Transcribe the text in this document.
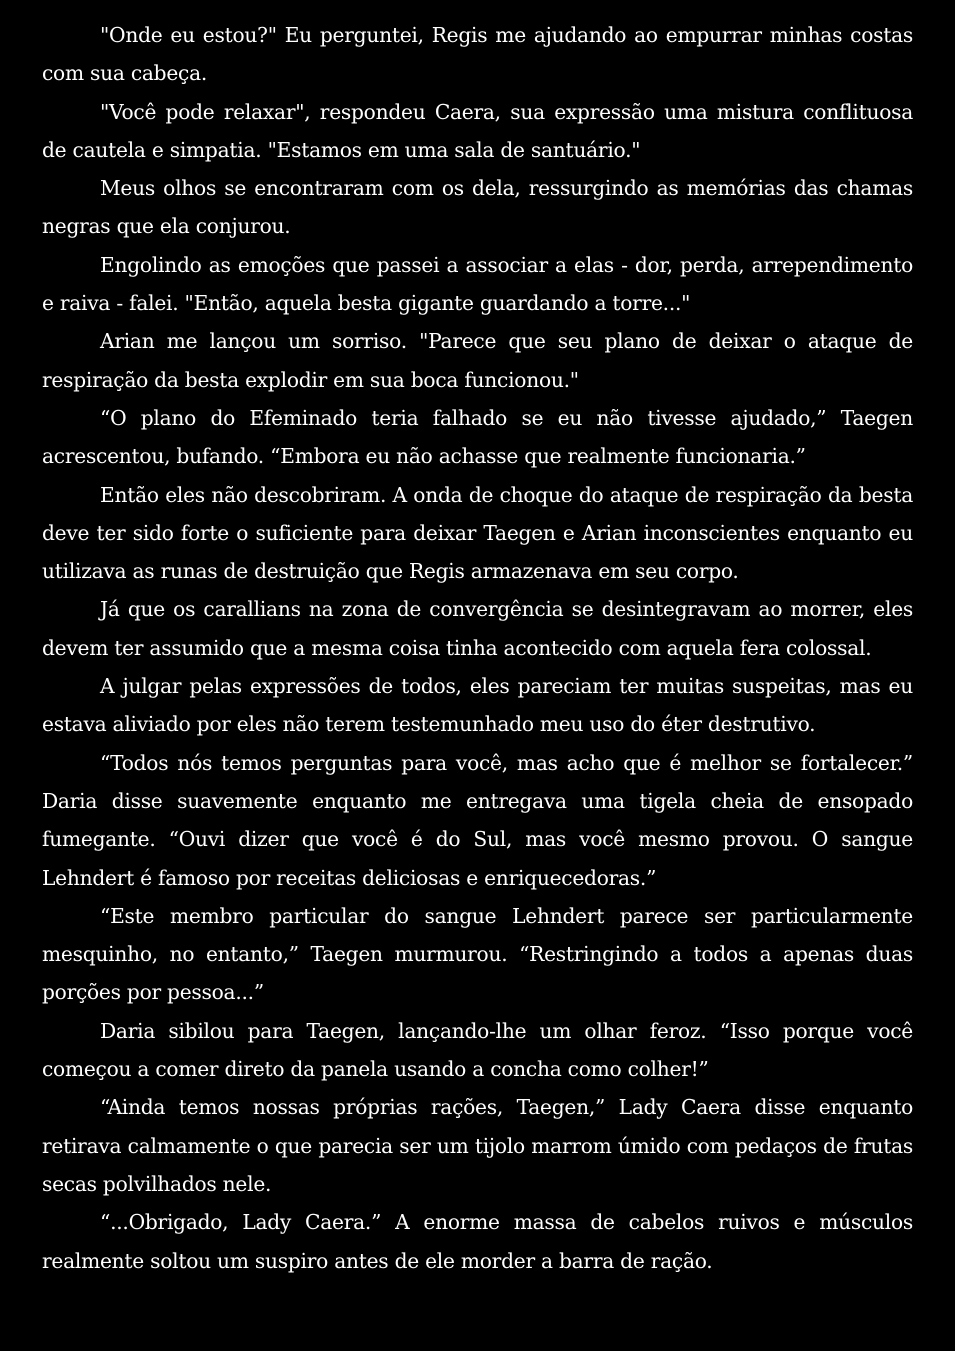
"Onde eu estou?" Eu perguntei, Regis me ajudando ao empurrar minhas costas com sua cabeça.

"Você pode relaxar", respondeu Caera, sua expressão uma mistura conflituosa de cautela e simpatia. "Estamos em uma sala de santuário."

Meus olhos se encontraram com os dela, ressurgindo as memórias das chamas negras que ela conjurou.

Engolindo as emoções que passei a associar a elas - dor, perda, arrependimento e raiva - falei. "Então, aquela besta gigante guardando a torre..."

Arian me lançou um sorriso. "Parece que seu plano de deixar o ataque de respiração da besta explodir em sua boca funcionou."

“O plano do Efeminado teria falhado se eu não tivesse ajudado,” Taegen acrescentou, bufando. “Embora eu não achasse que realmente funcionaria.”

Então eles não descobriram. A onda de choque do ataque de respiração da besta deve ter sido forte o suficiente para deixar Taegen e Arian inconscientes enquanto eu utilizava as runas de destruição que Regis armazenava em seu corpo.

Já que os carallians na zona de convergência se desintegravam ao morrer, eles devem ter assumido que a mesma coisa tinha acontecido com aquela fera colossal.

A julgar pelas expressões de todos, eles pareciam ter muitas suspeitas, mas eu estava aliviado por eles não terem testemunhado meu uso do éter destrutivo.

“Todos nós temos perguntas para você, mas acho que é melhor se fortalecer.” Daria disse suavemente enquanto me entregava uma tigela cheia de ensopado fumegante. “Ouvi dizer que você é do Sul, mas você mesmo provou. O sangue Lehndert é famoso por receitas deliciosas e enriquecedoras.”

“Este membro particular do sangue Lehndert parece ser particularmente mesquinho, no entanto,” Taegen murmurou. “Restringindo a todos a apenas duas porções por pessoa...”

Daria sibilou para Taegen, lançando-lhe um olhar feroz. “Isso porque você começou a comer direto da panela usando a concha como colher!”

“Ainda temos nossas próprias rações, Taegen,” Lady Caera disse enquanto retirava calmamente o que parecia ser um tijolo marrom úmido com pedaços de frutas secas polvilhados nele.

“...Obrigado, Lady Caera.” A enorme massa de cabelos ruivos e músculos realmente soltou um suspiro antes de ele morder a barra de ração.
